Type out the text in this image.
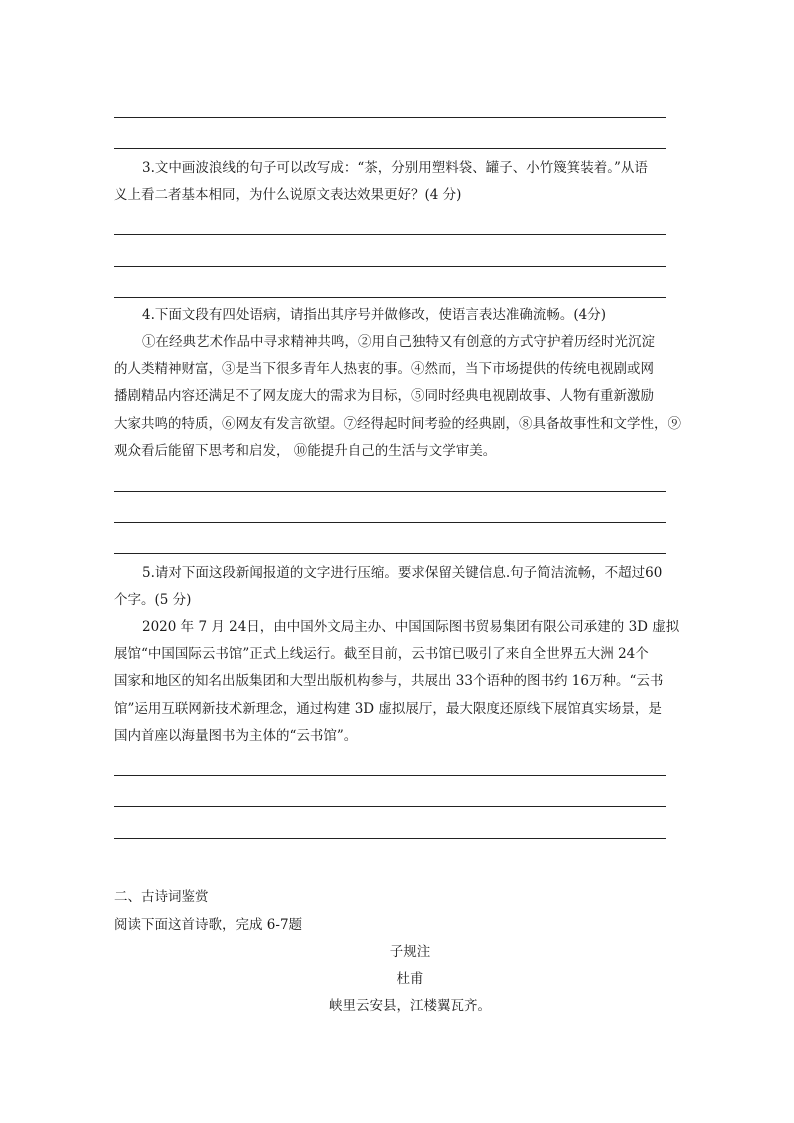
3.文中画波浪线的句子可以改写成：“茶，分别用塑料袋、罐子、小竹篾箕装着。”从语
义上看二者基本相同，为什么说原文表达效果更好？(4 分)
4.下面文段有四处语病，请指出其序号并做修改，使语言表达准确流畅。(4分)
①在经典艺术作品中寻求精神共鸣，②用自己独特又有创意的方式守护着历经时光沉淀
的人类精神财富，③是当下很多青年人热衷的事。④然而，当下市场提供的传统电视剧或网
播剧精品内容还满足不了网友庞大的需求为目标，⑤同时经典电视剧故事、人物有重新激励
大家共鸣的特质，⑥网友有发言欲望。⑦经得起时间考验的经典剧，⑧具备故事性和文学性，⑨
观众看后能留下思考和启发， ⑩能提升自己的生活与文学审美。
5.请对下面这段新闻报道的文字进行压缩。要求保留关键信息.句子简洁流畅，不超过60
个字。(5 分)
2020 年 7 月 24日，由中国外文局主办、中国国际图书贸易集团有限公司承建的 3D 虚拟
展馆“中国国际云书馆”正式上线运行。截至目前，云书馆已吸引了来自全世界五大洲 24个
国家和地区的知名出版集团和大型出版机构参与，共展出 33个语种的图书约 16万种。“云书
馆”运用互联网新技术新理念，通过构建 3D 虚拟展厅，最大限度还原线下展馆真实场景，是
国内首座以海量图书为主体的“云书馆”。
二、古诗词鉴赏
阅读下面这首诗歌，完成 6-7题
子规注
杜甫
峡里云安县，江楼翼瓦齐。
